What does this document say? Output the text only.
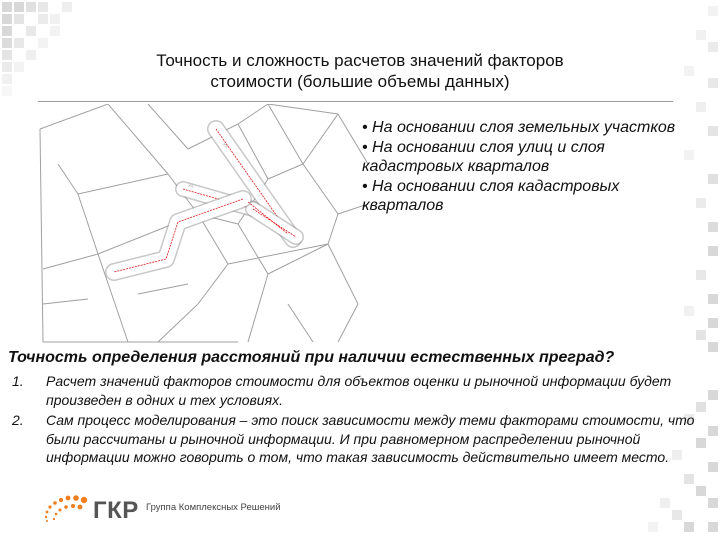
Точность и сложность расчетов значений факторов
стоимости (большие объемы данных)
ул.
ул.
• На основании слоя земельных участков
• На основании слоя улиц и слоя кадастровых кварталов
• На основании слоя кадастровых кварталов
Точность определения расстояний при наличии естественных преград?
1.	Расчет значений факторов стоимости для объектов оценки и рыночной информации будет произведен в одних и тех условиях.
2.	Сам процесс моделирования – это поиск зависимости между теми факторами стоимости, что были рассчитаны и рыночной информации. И при равномерном распределении рыночной информации можно говорить о том, что такая зависимость действительно имеет место.
ГКР Группа Комплексных Решений
